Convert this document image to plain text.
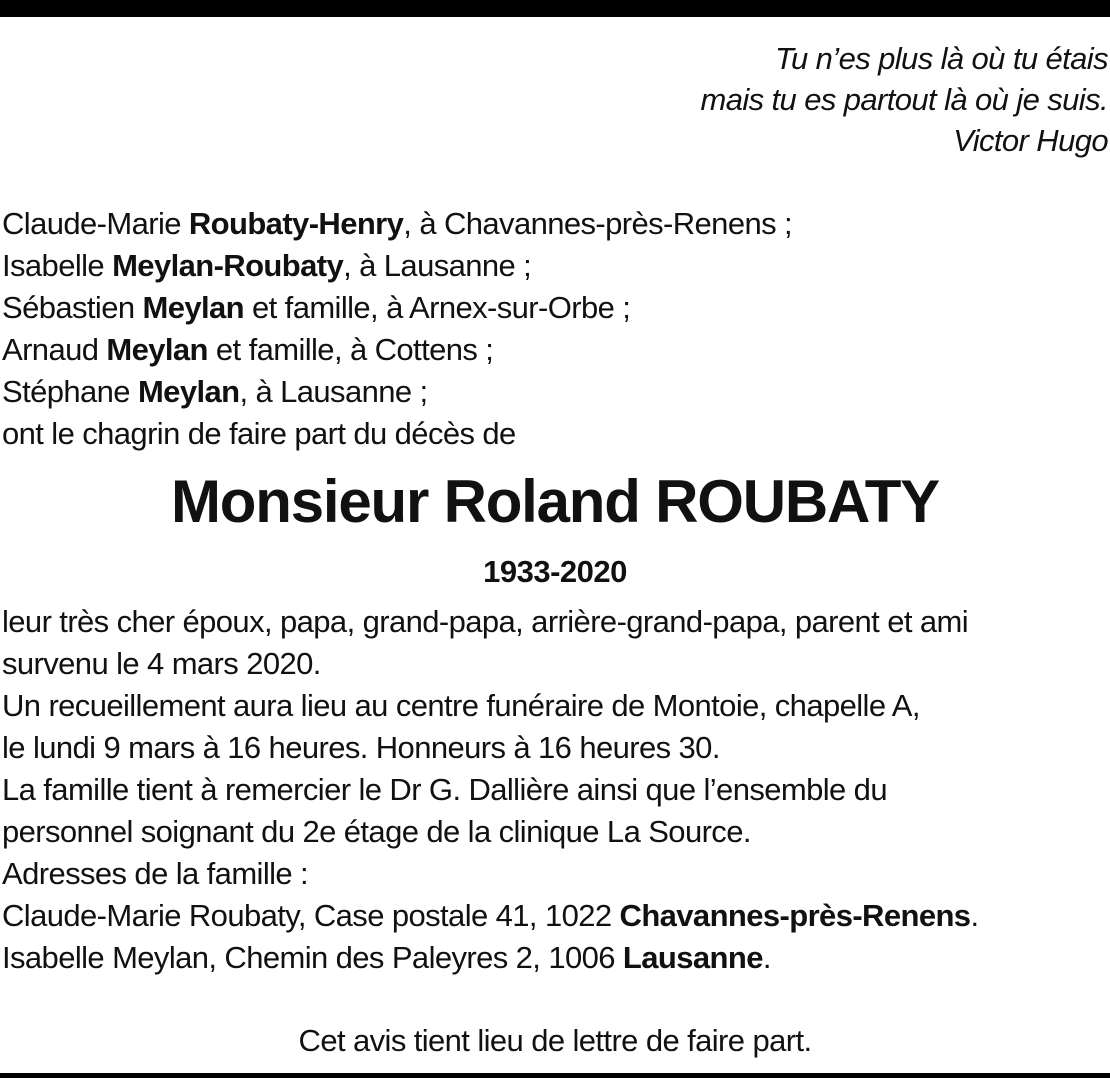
Tu n’es plus là où tu étais
mais tu es partout là où je suis.
Victor Hugo
Claude-Marie Roubaty-Henry, à Chavannes-près-Renens ;
Isabelle Meylan-Roubaty, à Lausanne ;
Sébastien Meylan et famille, à Arnex-sur-Orbe ;
Arnaud Meylan et famille, à Cottens ;
Stéphane Meylan, à Lausanne ;
ont le chagrin de faire part du décès de
Monsieur Roland ROUBATY
1933-2020
leur très cher époux, papa, grand-papa, arrière-grand-papa, parent et ami
survenu le 4 mars 2020.
Un recueillement aura lieu au centre funéraire de Montoie, chapelle A,
le lundi 9 mars à 16 heures. Honneurs à 16 heures 30.
La famille tient à remercier le Dr G. Dallière ainsi que l’ensemble du
personnel soignant du 2e étage de la clinique La Source.
Adresses de la famille :
Claude-Marie Roubaty, Case postale 41, 1022 Chavannes-près-Renens.
Isabelle Meylan, Chemin des Paleyres 2, 1006 Lausanne.
Cet avis tient lieu de lettre de faire part.
